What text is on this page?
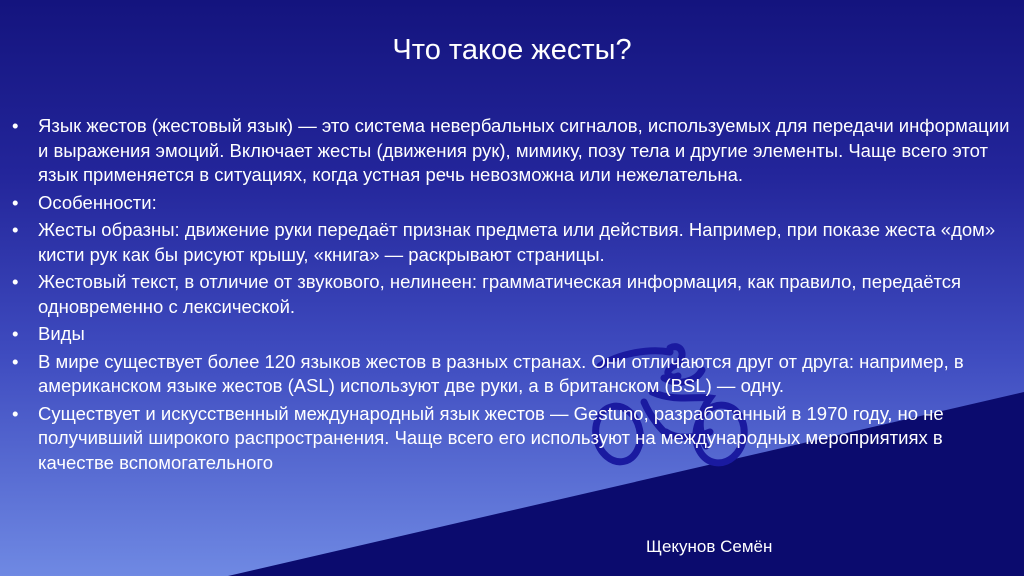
Что такое жесты?
• Язык жестов (жестовый язык) — это система невербальных сигналов, используемых для передачи информации и выражения эмоций. Включает жесты (движения рук), мимику, позу тела и другие элементы. Чаще всего этот язык применяется в ситуациях, когда устная речь невозможна или нежелательна.
• Особенности:
• Жесты образны: движение руки передаёт признак предмета или действия. Например, при показе жеста «дом» кисти рук как бы рисуют крышу, «книга» — раскрывают страницы.
• Жестовый текст, в отличие от звукового, нелинеен: грамматическая информация, как правило, передаётся одновременно с лексической.
• Виды
• В мире существует более 120 языков жестов в разных странах. Они отличаются друг от друга: например, в американском языке жестов (ASL) используют две руки, а в британском (BSL) — одну.
• Существует и искусственный международный язык жестов — Gestuno, разработанный в 1970 году, но не получивший широкого распространения. Чаще всего его используют на международных мероприятиях в качестве вспомогательного
Щекунов Семён
